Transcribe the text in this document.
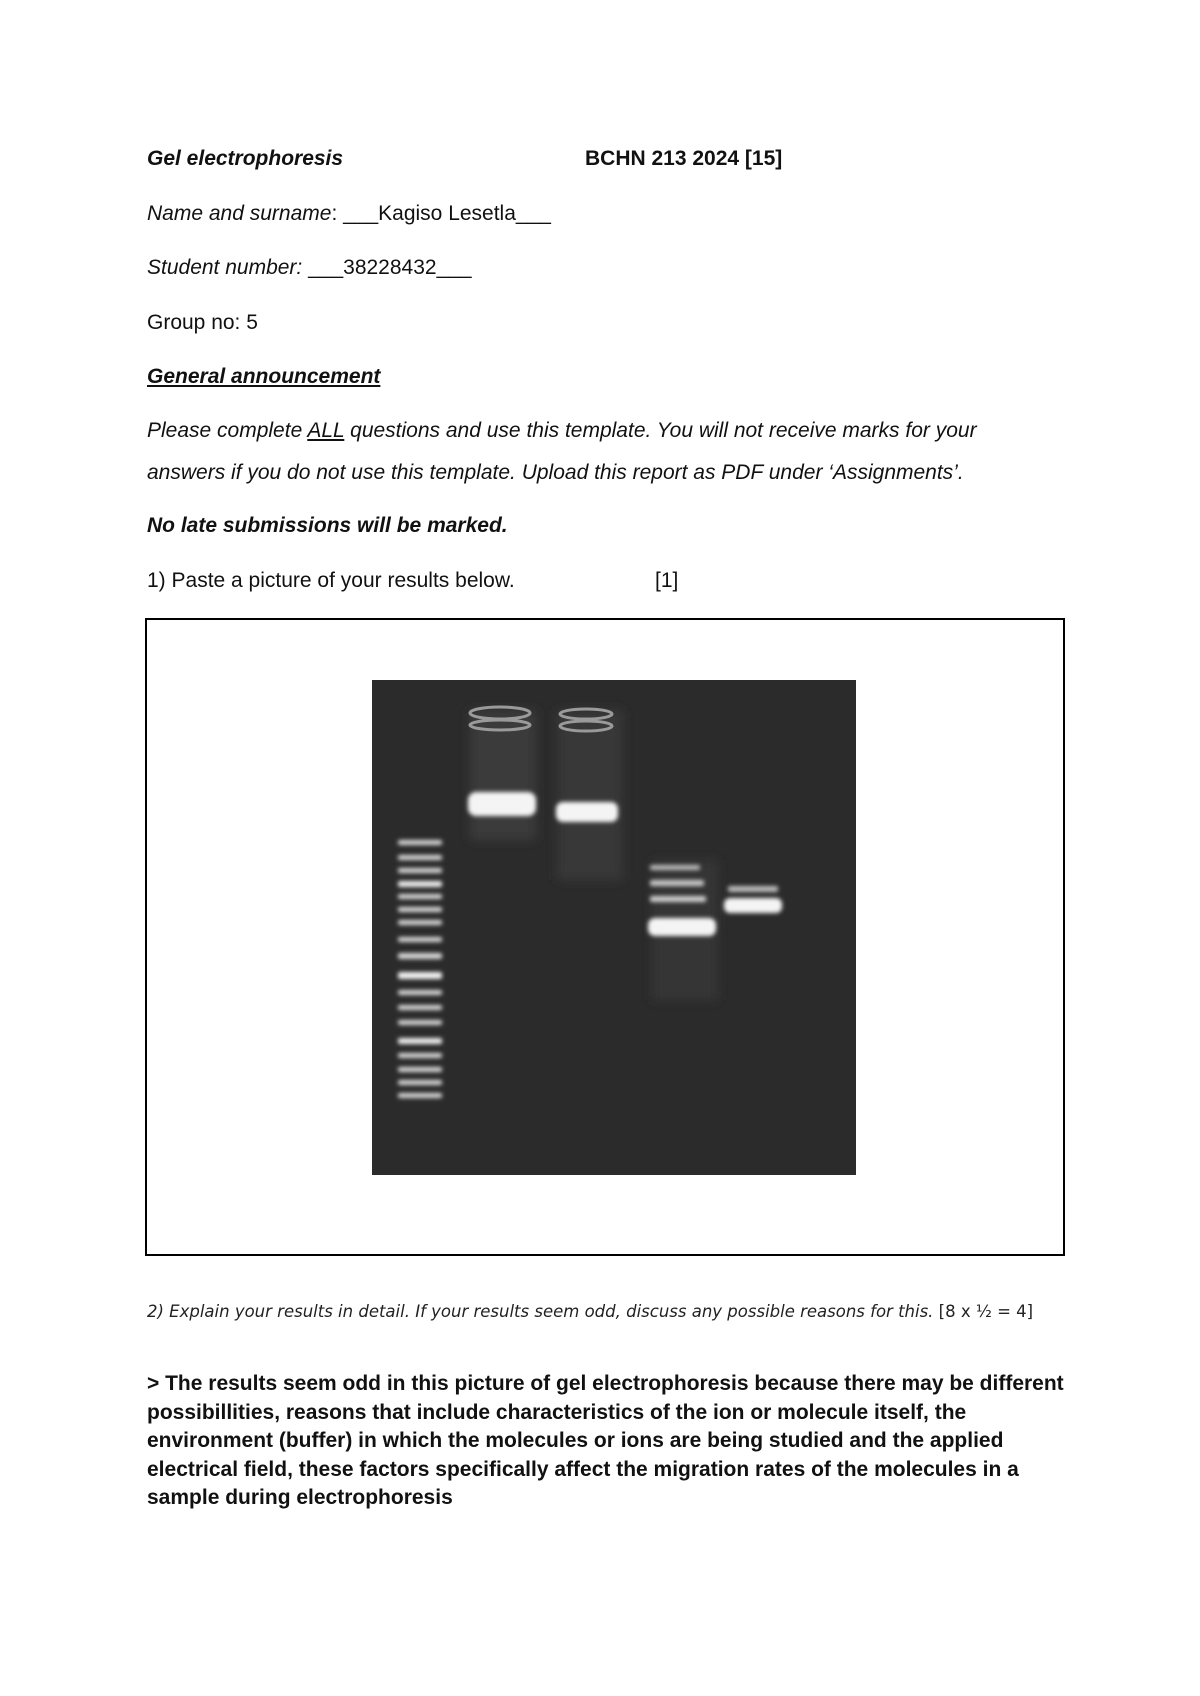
Gel electrophoresis	BCHN 213 2024 [15]
Name and surname: ___Kagiso Lesetla___
Student number: ___38228432___
Group no: 5
General announcement
Please complete ALL questions and use this template. You will not receive marks for your
answers if you do not use this template. Upload this report as PDF under ‘Assignments’.
No late submissions will be marked.
1) Paste a picture of your results below.	[1]
2) Explain your results in detail. If your results seem odd, discuss any possible reasons for this. [8 x ½ = 4]
> The results seem odd in this picture of gel electrophoresis because there may be different possibillities, reasons that include characteristics of the ion or molecule itself, the environment (buffer) in which the molecules or ions are being studied and the applied electrical field, these factors specifically affect the migration rates of the molecules in a sample during electrophoresis
